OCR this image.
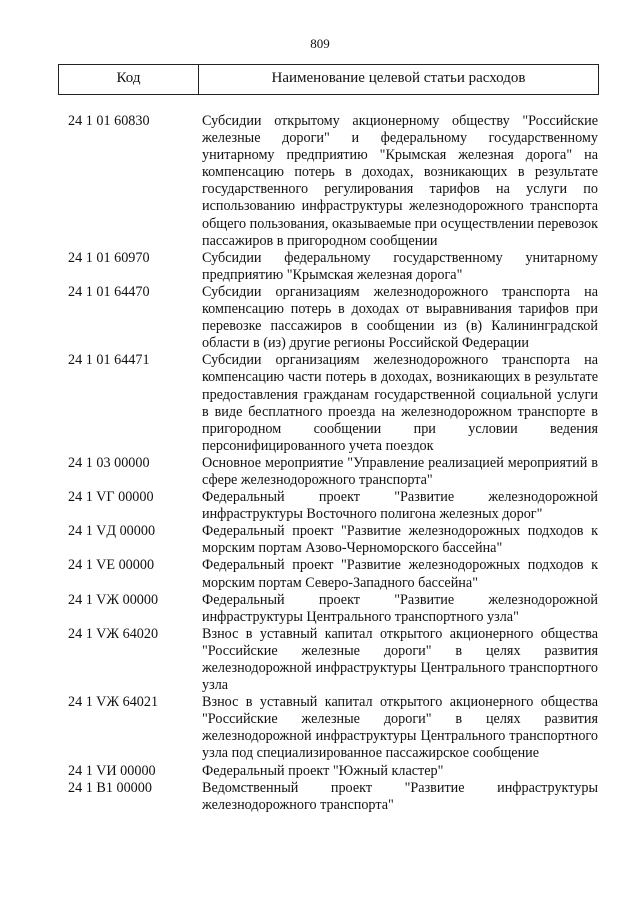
809
Код	Наименование целевой статьи расходов
24 1 01 60830	Субсидии открытому акционерному обществу "Российские железные дороги" и федеральному государственному унитарному предприятию "Крымская железная дорога" на компенсацию потерь в доходах, возникающих в результате государственного регулирования тарифов на услуги по использованию инфраструктуры железнодорожного транспорта общего пользования, оказываемые при осуществлении перевозок пассажиров в пригородном сообщении
24 1 01 60970	Субсидии федеральному государственному унитарному предприятию "Крымская железная дорога"
24 1 01 64470	Субсидии организациям железнодорожного транспорта на компенсацию потерь в доходах от выравнивания тарифов при перевозке пассажиров в сообщении из (в) Калининградской области в (из) другие регионы Российской Федерации
24 1 01 64471	Субсидии организациям железнодорожного транспорта на компенсацию части потерь в доходах, возникающих в результате предоставления гражданам государственной социальной услуги в виде бесплатного проезда на железнодорожном транспорте в пригородном сообщении при условии ведения персонифицированного учета поездок
24 1 03 00000	Основное мероприятие "Управление реализацией мероприятий в сфере железнодорожного транспорта"
24 1 VГ 00000	Федеральный проект "Развитие железнодорожной инфраструктуры Восточного полигона железных дорог"
24 1 VД 00000	Федеральный проект "Развитие железнодорожных подходов к морским портам Азово-Черноморского бассейна"
24 1 VE 00000	Федеральный проект "Развитие железнодорожных подходов к морским портам Северо-Западного бассейна"
24 1 VЖ 00000	Федеральный проект "Развитие железнодорожной инфраструктуры Центрального транспортного узла"
24 1 VЖ 64020	Взнос в уставный капитал открытого акционерного общества "Российские железные дороги" в целях развития железнодорожной инфраструктуры Центрального транспортного узла
24 1 VЖ 64021	Взнос в уставный капитал открытого акционерного общества "Российские железные дороги" в целях развития железнодорожной инфраструктуры Центрального транспортного узла под специализированное пассажирское сообщение
24 1 VИ 00000	Федеральный проект "Южный кластер"
24 1 В1 00000	Ведомственный проект "Развитие инфраструктуры железнодорожного транспорта"
